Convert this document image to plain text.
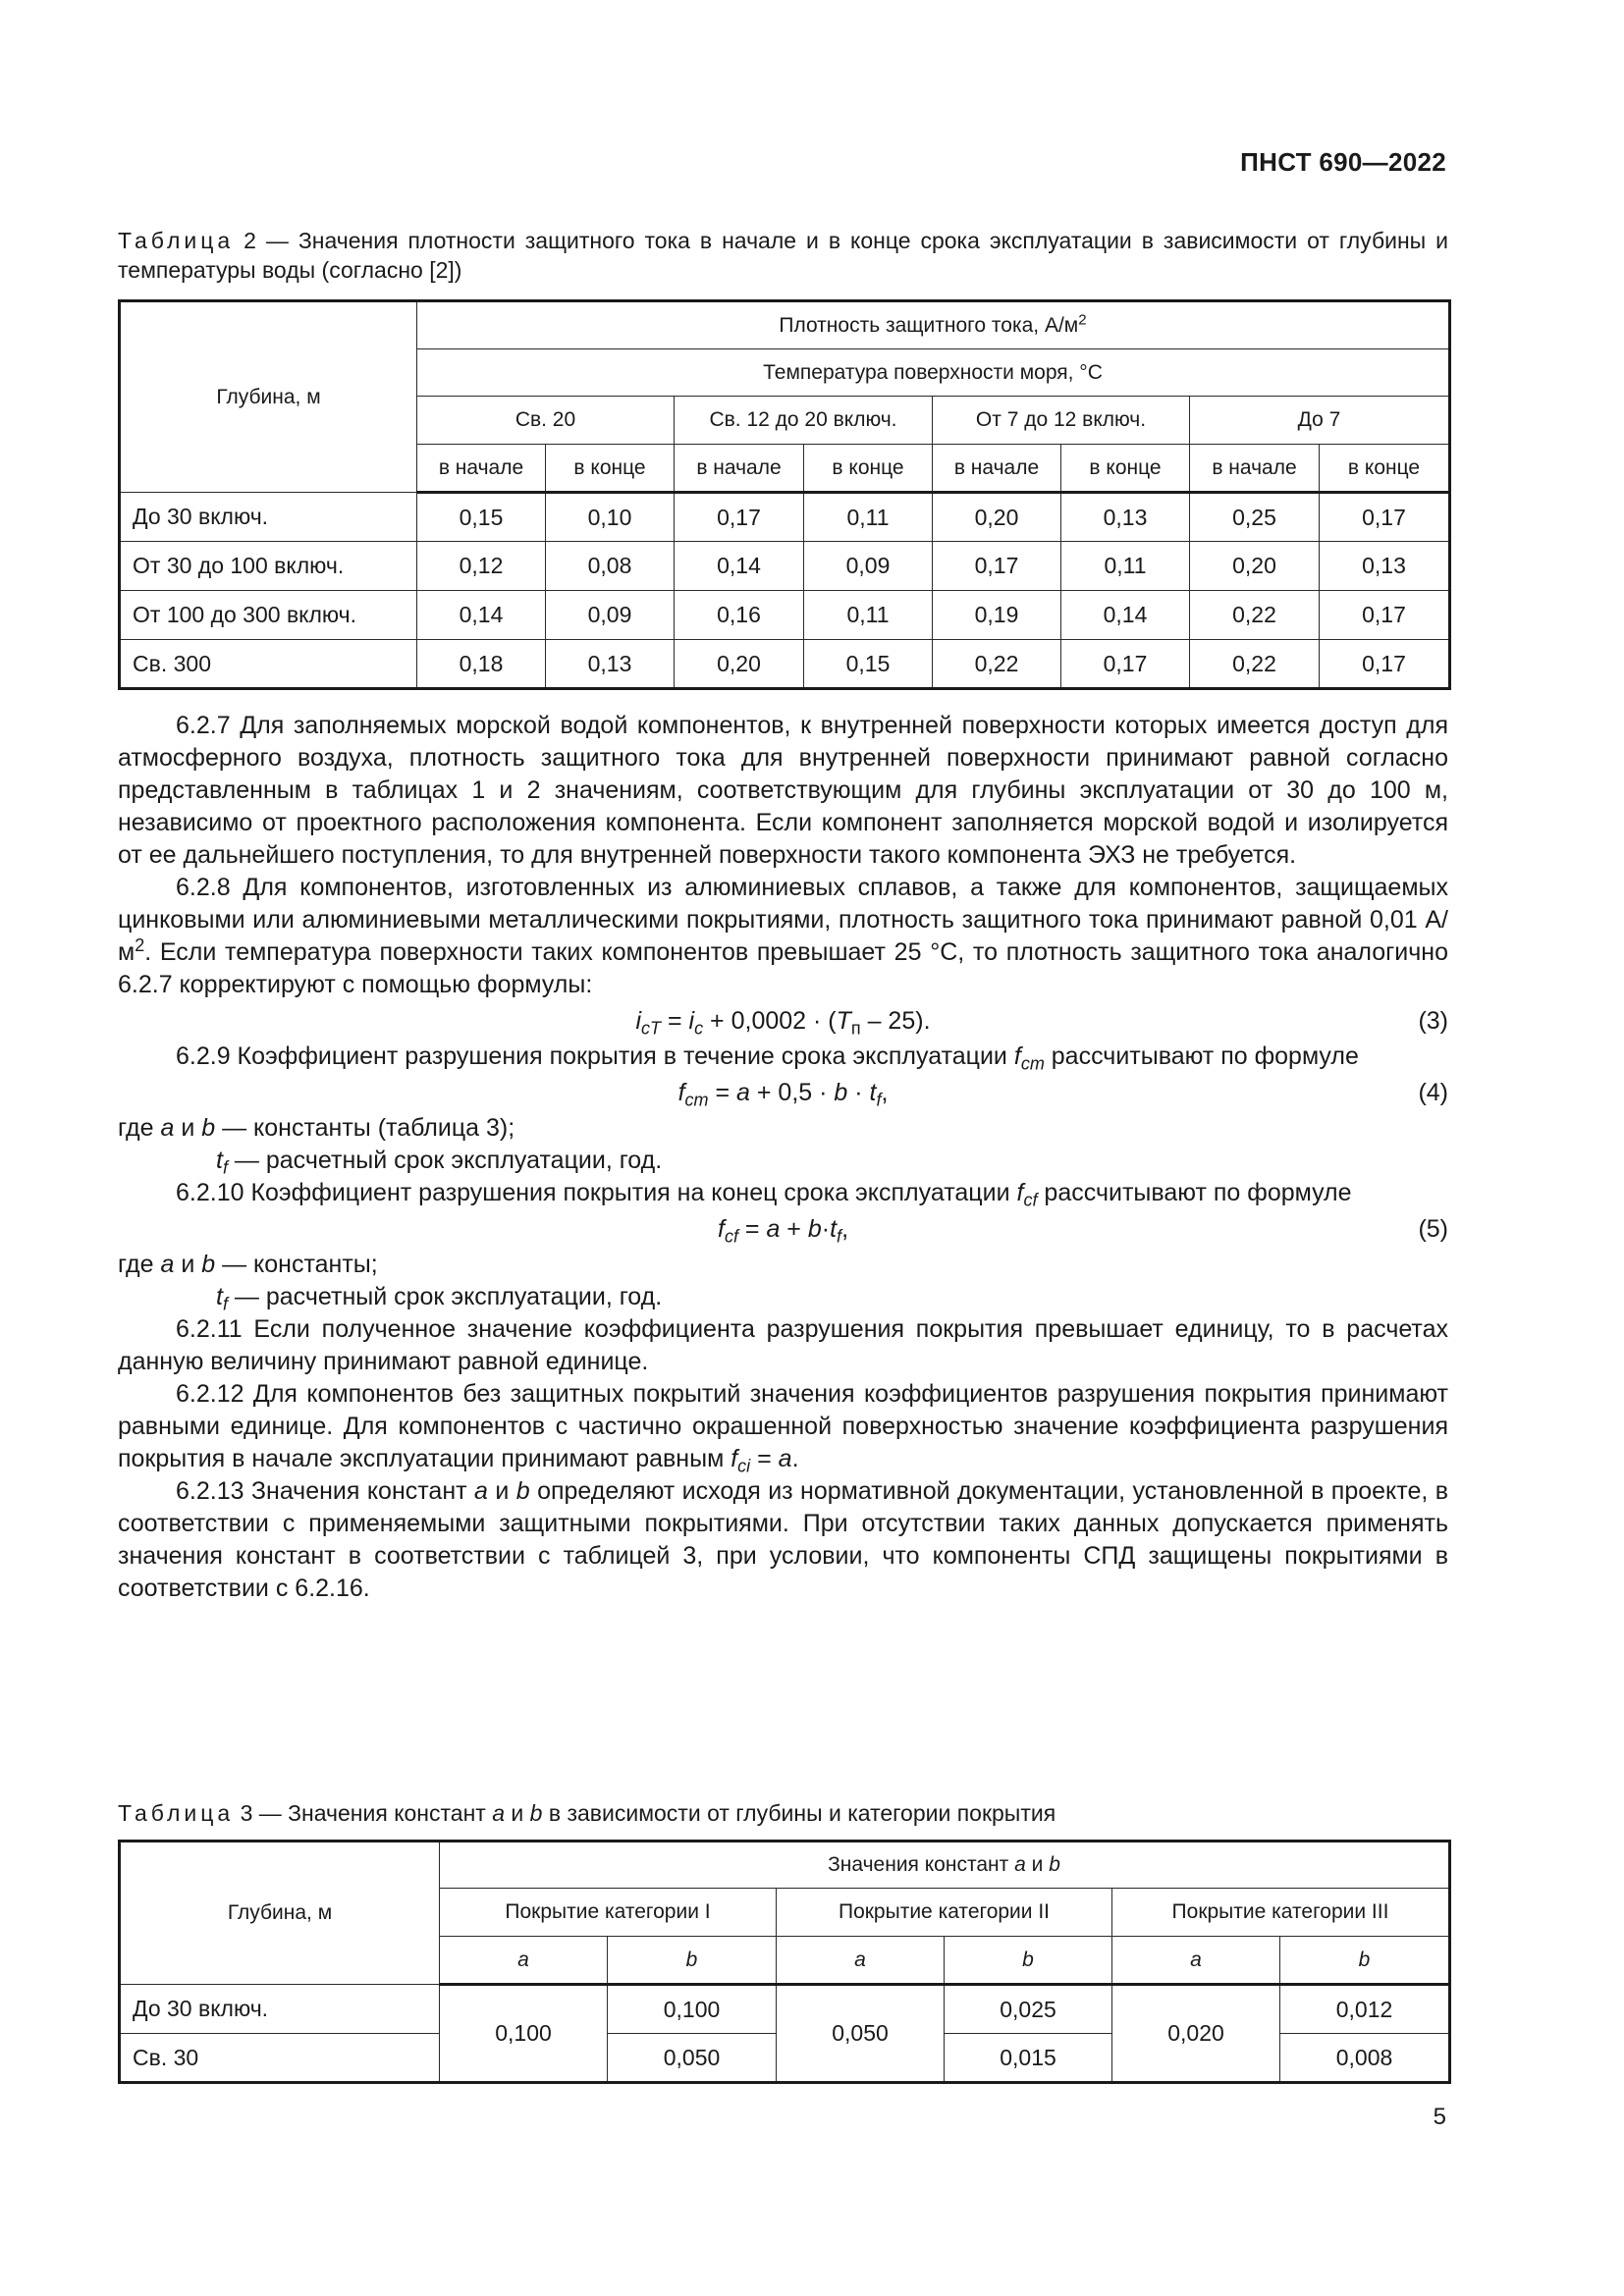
ПНСТ 690—2022
Таблица 2 — Значения плотности защитного тока в начале и в конце срока эксплуатации в зависимости от глубины и температуры воды (согласно [2])
Глубина, м	Плотность защитного тока, $А/м^2$
	Температура поверхности моря, °С							
	Св. 20		Св. 12 до 20 включ.		От 7 до 12 включ.		До 7	
	в начале	в конце	в начале	в конце	в начале	в конце	в начале	в конце
До 30 включ.	0,15	0,10	0,17	0,11	0,20	0,13	0,25	0,17
От 30 до 100 включ.	0,12	0,08	0,14	0,09	0,17	0,11	0,20	0,13
От 100 до 300 включ.	0,14	0,09	0,16	0,11	0,19	0,14	0,22	0,17
Св. 300	0,18	0,13	0,20	0,15	0,22	0,17	0,22	0,17

6.2.7 Для заполняемых морской водой компонентов, к внутренней поверхности которых имеется доступ для атмосферного воздуха, плотность защитного тока для внутренней поверхности принимают равной согласно представленным в таблицах 1 и 2 значениям, соответствующим для глубины эксплуатации от 30 до 100 м, независимо от проектного расположения компонента. Если компонент заполняется морской водой и изолируется от ее дальнейшего поступления, то для внутренней поверхности такого компонента ЭХЗ не требуется.

6.2.8 Для компонентов, изготовленных из алюминиевых сплавов, а также для компонентов, защищаемых цинковыми или алюминиевыми металлическими покрытиями, плотность защитного тока принимают равной 0,01 $А/м^2$. Если температура поверхности таких компонентов превышает 25 °С, то плотность защитного тока аналогично 6.2.7 корректируют с помощью формулы:

$i_{cT} = i_c + 0,0002 \cdot (T_п - 25)$.	(3)

6.2.9 Коэффициент разрушения покрытия в течение срока эксплуатации $f_{cm}$ рассчитывают по формуле

$f_{cm} = a + 0,5 \cdot b \cdot t_f$,	(4)

где a и b — константы (таблица 3);

$t_f$ — расчетный срок эксплуатации, год.

6.2.10 Коэффициент разрушения покрытия на конец срока эксплуатации $f_{cf}$ рассчитывают по формуле

$f_{cf} = a + b\cdot t_f$,	(5)

где a и b — константы;

$t_f$ — расчетный срок эксплуатации, год.

6.2.11 Если полученное значение коэффициента разрушения покрытия превышает единицу, то в расчетах данную величину принимают равной единице.

6.2.12 Для компонентов без защитных покрытий значения коэффициентов разрушения покрытия принимают равными единице. Для компонентов с частично окрашенной поверхностью значение коэффициента разрушения покрытия в начале эксплуатации принимают равным $f_{ci} = a$.

6.2.13 Значения констант a и b определяют исходя из нормативной документации, установленной в проекте, в соответствии с применяемыми защитными покрытиями. При отсутствии таких данных допускается применять значения констант в соответствии с таблицей 3, при условии, что компоненты СПД защищены покрытиями в соответствии с 6.2.16.

Таблица 3 — Значения констант a и b в зависимости от глубины и категории покрытия
Глубина, м	Значения констант a и b					
	Покрытие категории I		Покрытие категории II		Покрытие категории III	
	a	b	a	b	a	b
До 30 включ.	0,100	0,100	0,050	0,025	0,020	0,012
Св. 30		0,050		0,015		0,008
5
